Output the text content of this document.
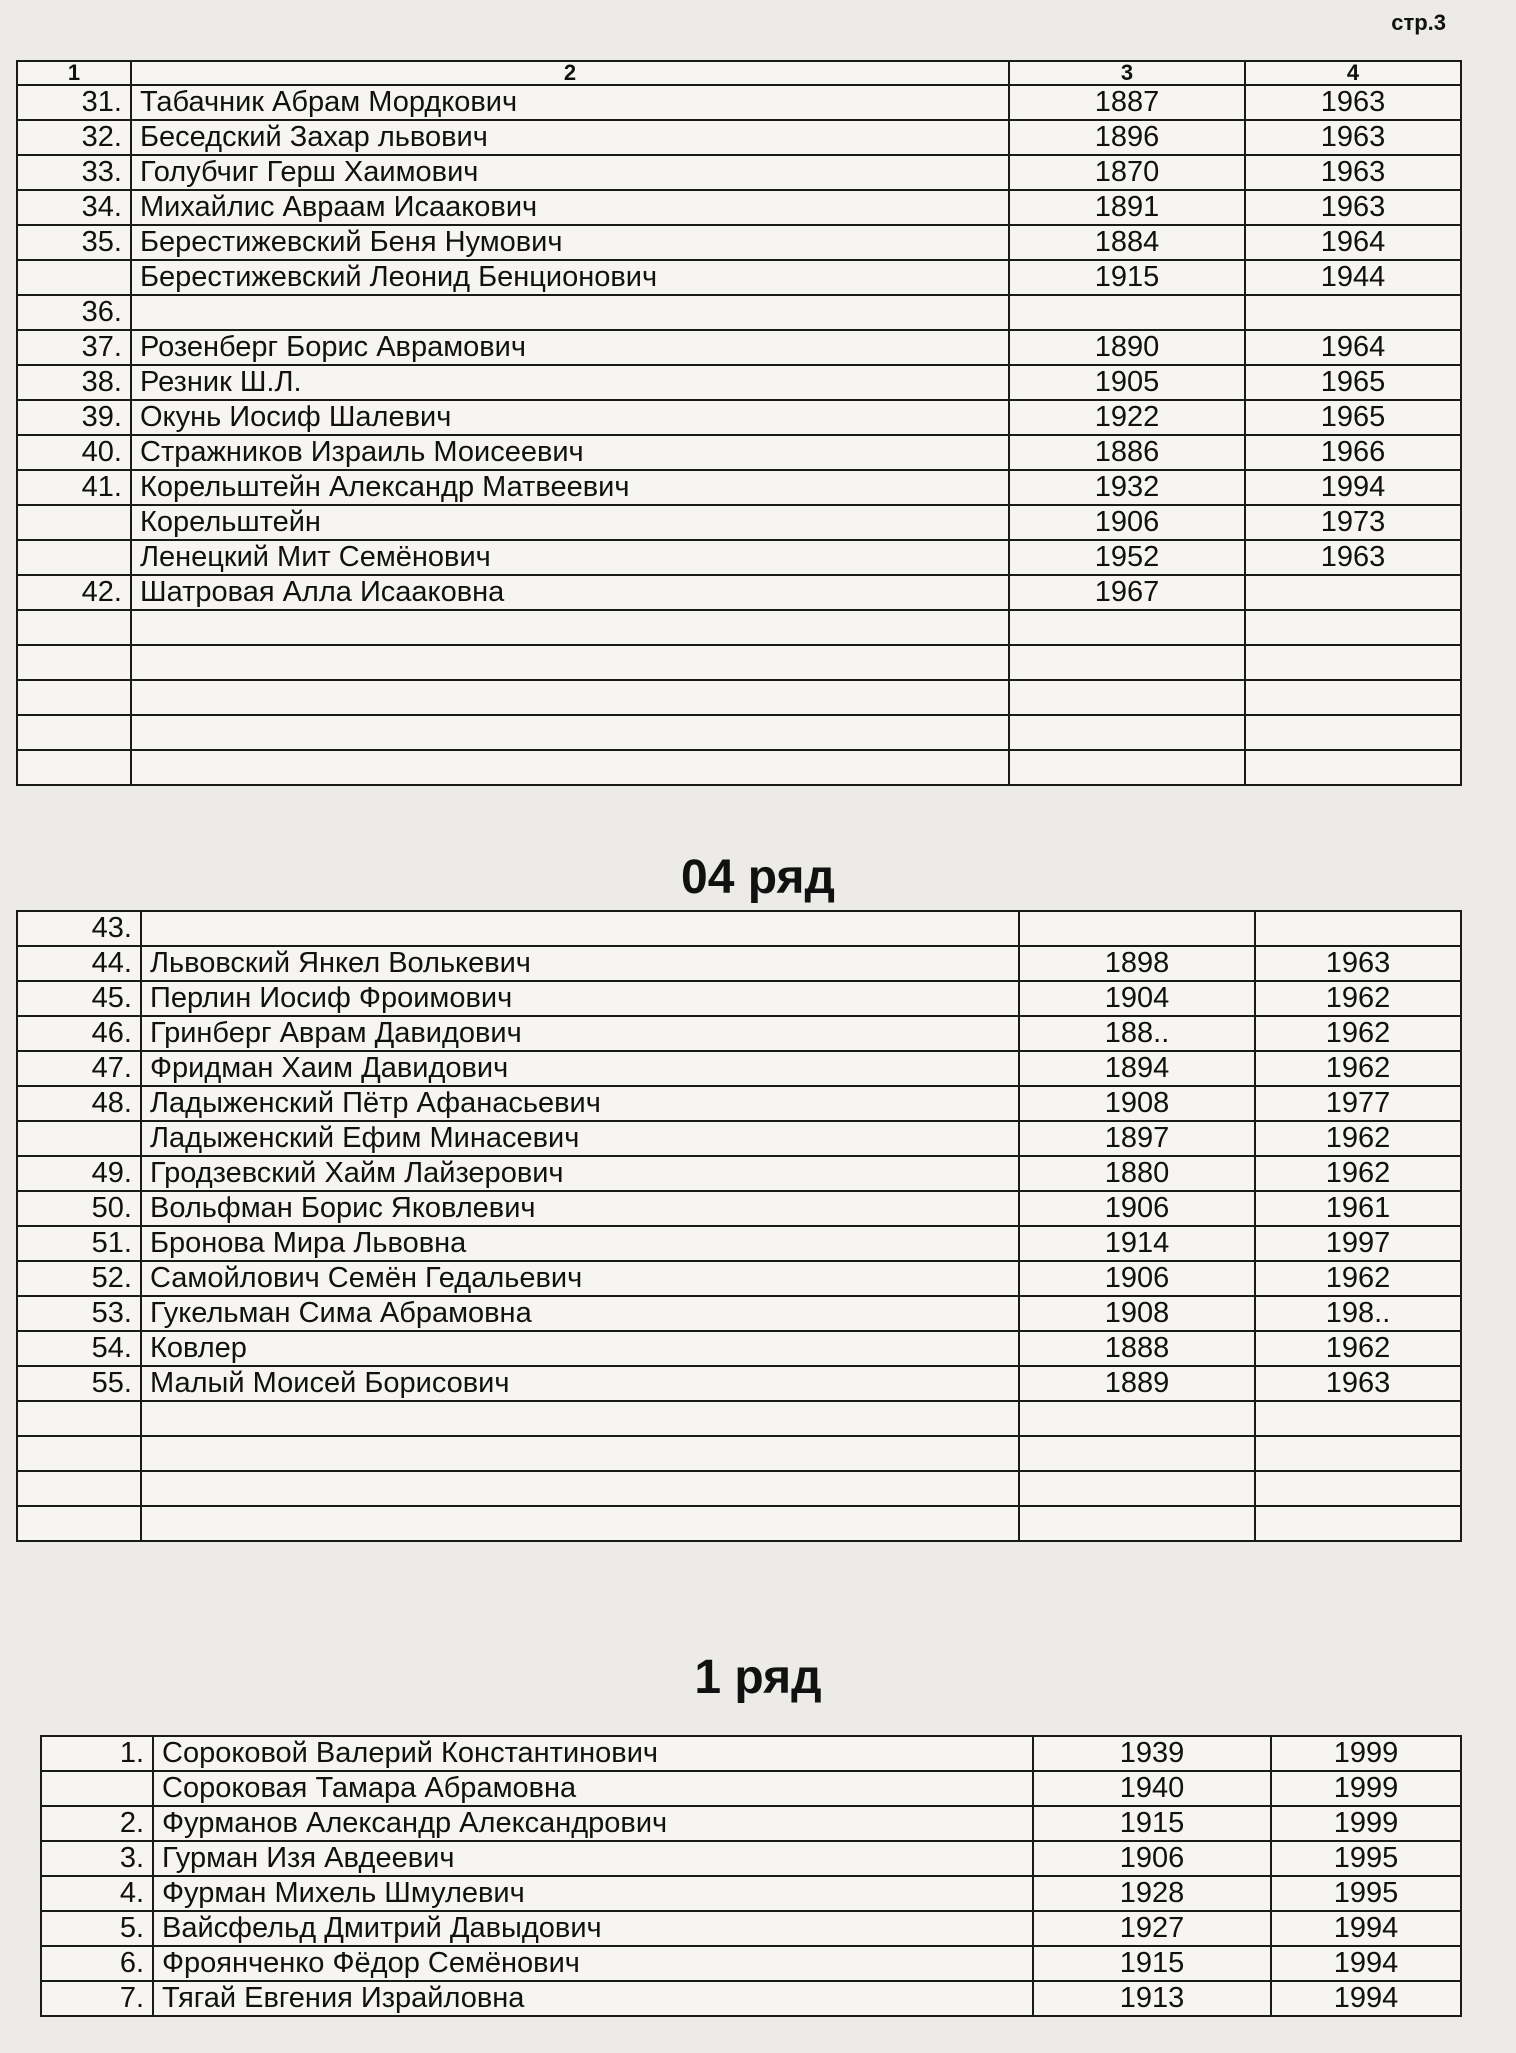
стр.3
1	2	3	4
31.	Табачник Абрам Мордкович	1887	1963
32.	Беседский Захар львович	1896	1963
33.	Голубчиг Герш Хаимович	1870	1963
34.	Михайлис Авраам Исаакович	1891	1963
35.	Берестижевский Беня Нумович	1884	1964
	Берестижевский Леонид Бенционович	1915	1944
36.			
37.	Розенберг Борис Аврамович	1890	1964
38.	Резник Ш.Л.	1905	1965
39.	Окунь Иосиф Шалевич	1922	1965
40.	Стражников Израиль Моисеевич	1886	1966
41.	Корельштейн Александр Матвеевич	1932	1994
	Корельштейн	1906	1973
	Ленецкий Мит Семёнович	1952	1963
42.	Шатровая Алла Исааковна	1967	

04 ряд
43.			
44.	Львовский Янкел Волькевич	1898	1963
45.	Перлин Иосиф Фроимович	1904	1962
46.	Гринберг Аврам Давидович	188..	1962
47.	Фридман Хаим Давидович	1894	1962
48.	Ладыженский Пётр Афанасьевич	1908	1977
	Ладыженский Ефим Минасевич	1897	1962
49.	Гродзевский Хайм Лайзерович	1880	1962
50.	Вольфман Борис Яковлевич	1906	1961
51.	Бронова Мира Львовна	1914	1997
52.	Самойлович Семён Гедальевич	1906	1962
53.	Гукельман Сима Абрамовна	1908	198..
54.	Ковлер	1888	1962
55.	Малый Моисей Борисович	1889	1963

1 ряд
1.	Сороковой Валерий Константинович	1939	1999
	Сороковая Тамара Абрамовна	1940	1999
2.	Фурманов Александр Александрович	1915	1999
3.	Гурман Изя Авдеевич	1906	1995
4.	Фурман Михель Шмулевич	1928	1995
5.	Вайсфельд Дмитрий Давыдович	1927	1994
6.	Фроянченко Фёдор Семёнович	1915	1994
7.	Тягай Евгения Израйловна	1913	1994
